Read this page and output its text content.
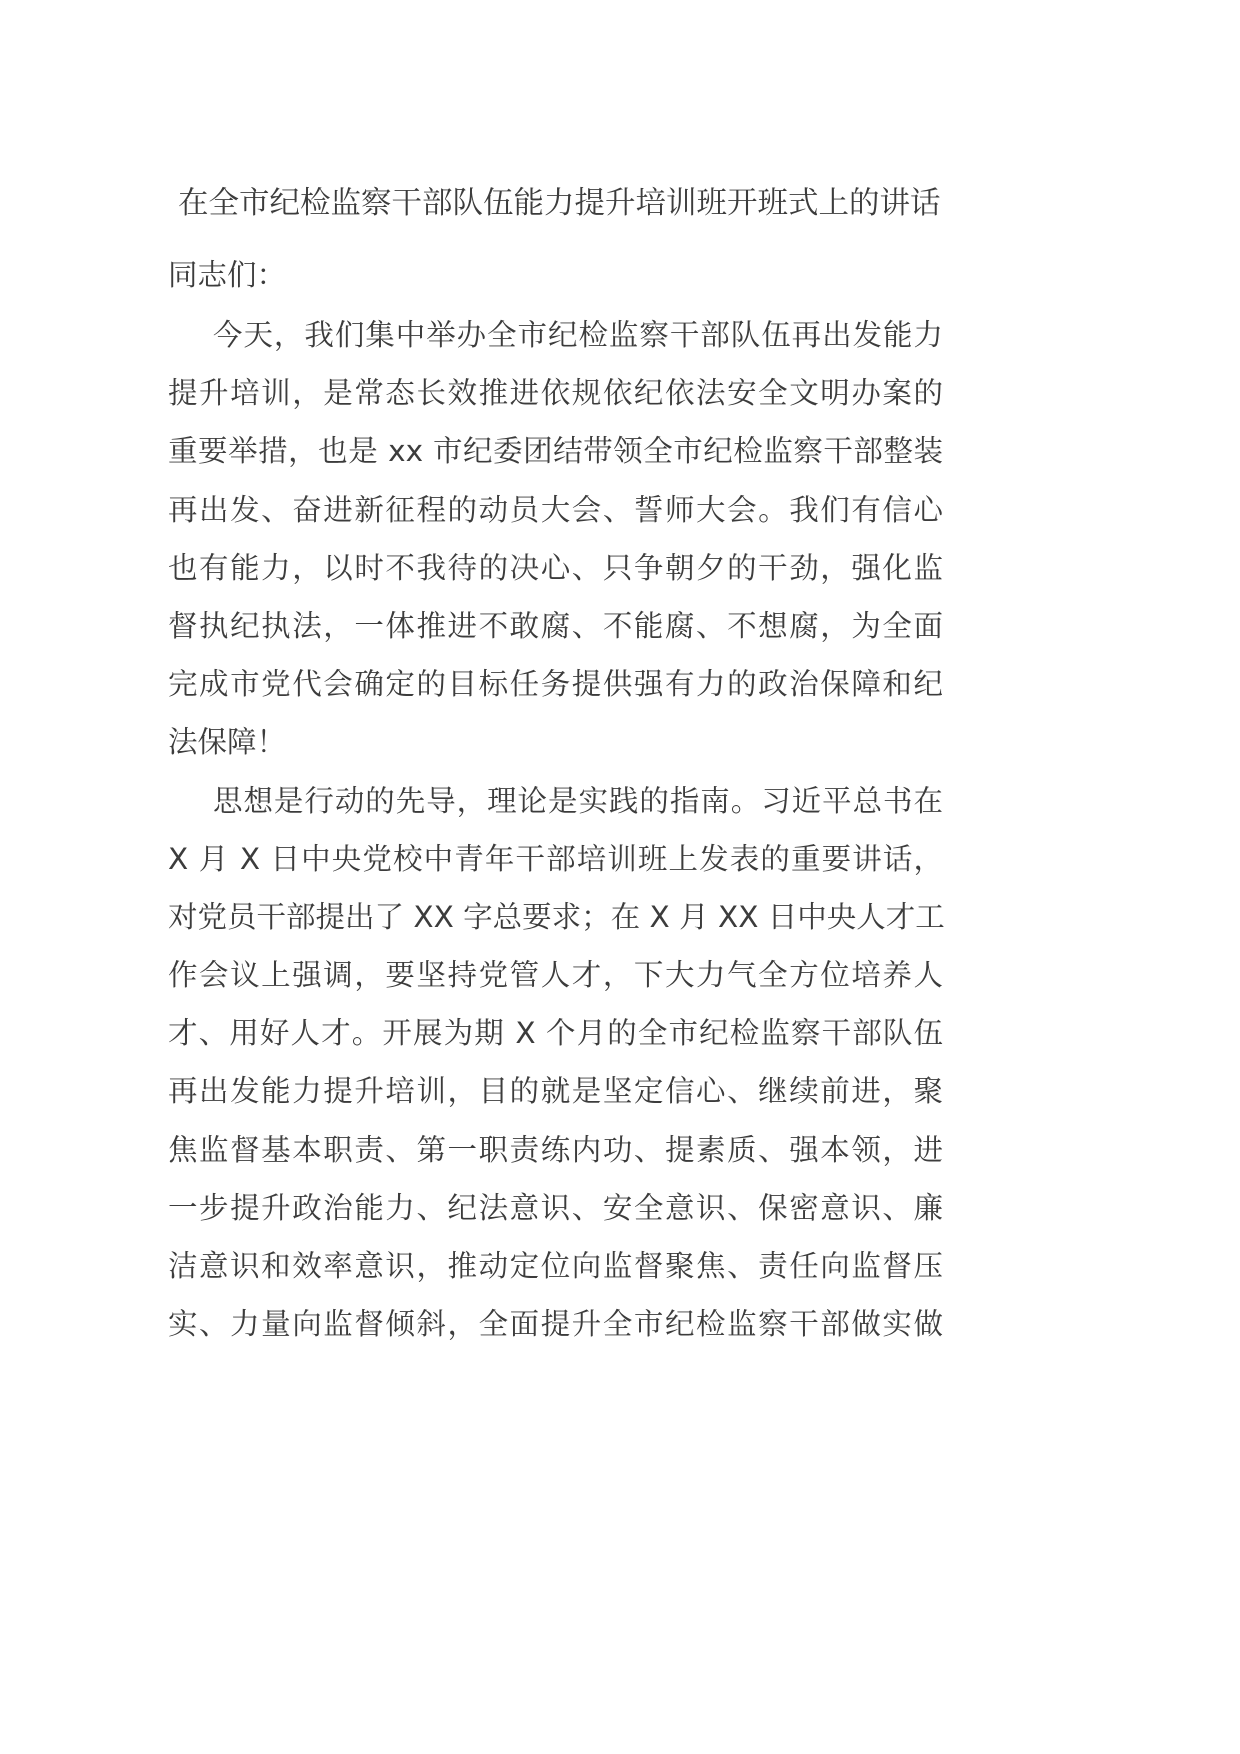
在全市纪检监察干部队伍能力提升培训班开班式上的讲话
同志们：
今天，我们集中举办全市纪检监察干部队伍再出发能力
提升培训，是常态长效推进依规依纪依法安全文明办案的
重要举措，也是 xx 市纪委团结带领全市纪检监察干部整装
再出发、奋进新征程的动员大会、誓师大会。我们有信心
也有能力，以时不我待的决心、只争朝夕的干劲，强化监
督执纪执法，一体推进不敢腐、不能腐、不想腐，为全面
完成市党代会确定的目标任务提供强有力的政治保障和纪
法保障！
思想是行动的先导，理论是实践的指南。习近平总书在
X 月 X 日中央党校中青年干部培训班上发表的重要讲话，
对党员干部提出了 XX 字总要求；在 X 月 XX 日中央人才工
作会议上强调，要坚持党管人才，下大力气全方位培养人
才、用好人才。开展为期 X 个月的全市纪检监察干部队伍
再出发能力提升培训，目的就是坚定信心、继续前进，聚
焦监督基本职责、第一职责练内功、提素质、强本领，进
一步提升政治能力、纪法意识、安全意识、保密意识、廉
洁意识和效率意识，推动定位向监督聚焦、责任向监督压
实、力量向监督倾斜，全面提升全市纪检监察干部做实做
